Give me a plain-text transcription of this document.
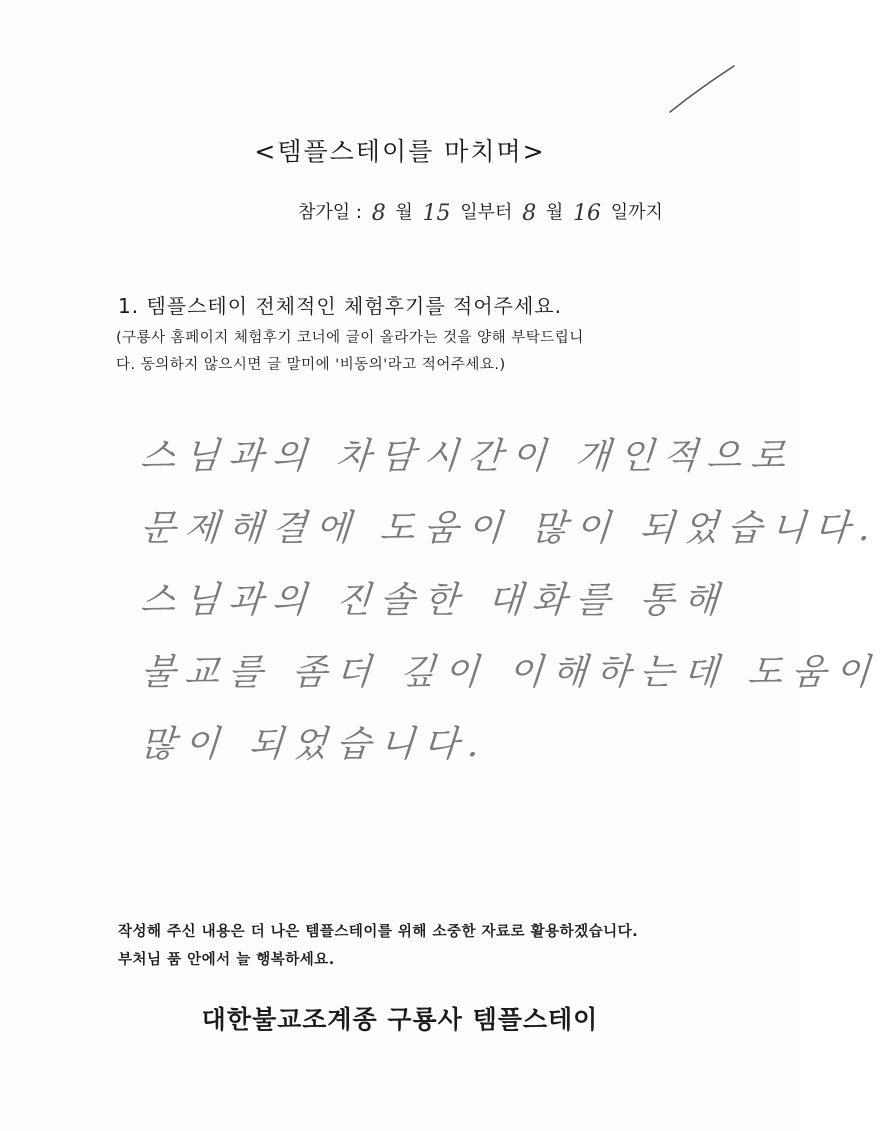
<템플스테이를 마치며>
참가일 : 8 월 15 일부터 8 월 16 일까지
1. 템플스테이 전체적인 체험후기를 적어주세요.
(구룡사 홈페이지 체험후기 코너에 글이 올라가는 것을 양해 부탁드립니
다. 동의하지 않으시면 글 말미에 '비동의'라고 적어주세요.)
스님과의 차담시간이 개인적으로
문제해결에 도움이 많이 되었습니다.
스님과의 진솔한 대화를 통해
불교를 좀더 깊이 이해하는데 도움이
많이 되었습니다.
작성해 주신 내용은 더 나은 템플스테이를 위해 소중한 자료로 활용하겠습니다.
부처님 품 안에서 늘 행복하세요.
대한불교조계종 구룡사 템플스테이
